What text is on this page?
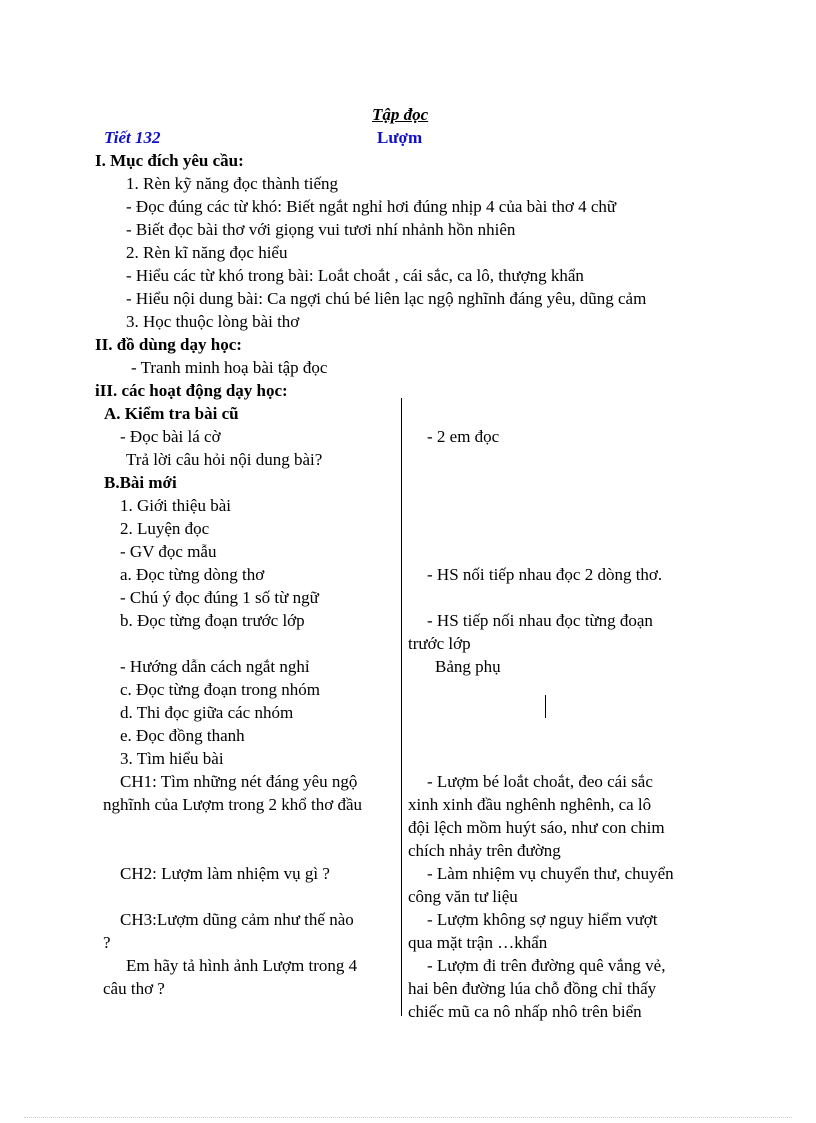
Tập đọc
Tiết 132	Lượm
I. Mục đích yêu cầu:
1. Rèn kỹ năng đọc thành tiếng
- Đọc đúng các từ khó: Biết ngắt nghỉ hơi đúng nhịp 4 của bài thơ 4 chữ
- Biết đọc bài thơ với giọng vui tươi nhí nhảnh hồn nhiên
2. Rèn kĩ năng đọc hiểu
- Hiểu các từ khó trong bài: Loắt choắt , cái sắc, ca lô, thượng khẩn
- Hiểu nội dung bài: Ca ngợi chú bé liên lạc ngộ nghĩnh đáng yêu, dũng cảm
3. Học thuộc lòng bài thơ
II. đồ dùng dạy học:
- Tranh minh hoạ bài tập đọc
iII. các hoạt động dạy học:
A. Kiểm tra bài cũ
- Đọc bài lá cờ
Trả lời câu hỏi nội dung bài?
B.Bài mới
1. Giới thiệu bài
2. Luyện đọc
- GV đọc mẫu
a. Đọc từng dòng thơ
- Chú ý đọc đúng 1 số từ ngữ
b. Đọc từng đoạn trước lớp
- Hướng dẫn cách ngắt nghỉ
c. Đọc từng đoạn trong nhóm
d. Thi đọc giữa các nhóm
e. Đọc đồng thanh
3. Tìm hiểu bài
CH1: Tìm những nét đáng yêu ngộ
nghĩnh của Lượm trong 2 khổ thơ đầu
CH2: Lượm làm nhiệm vụ gì ?
CH3:Lượm dũng cảm như thế nào
?
Em hãy tả hình ảnh Lượm trong 4
câu thơ ?
- 2 em đọc
- HS nối tiếp nhau đọc 2 dòng thơ.
- HS tiếp nối nhau đọc từng đoạn
trước lớp
Bảng phụ
- Lượm bé loắt choắt, đeo cái sắc
xinh xinh đầu nghênh nghênh, ca lô
đội lệch mồm huýt sáo, như con chim
chích nhảy trên đường
- Làm nhiệm vụ chuyển thư, chuyển
công văn tư liệu
- Lượm không sợ nguy hiểm vượt
qua mặt trận …khẩn
- Lượm đi trên đường quê vắng vẻ,
hai bên đường lúa chỗ đồng chỉ thấy
chiếc mũ ca nô nhấp nhô trên biển
